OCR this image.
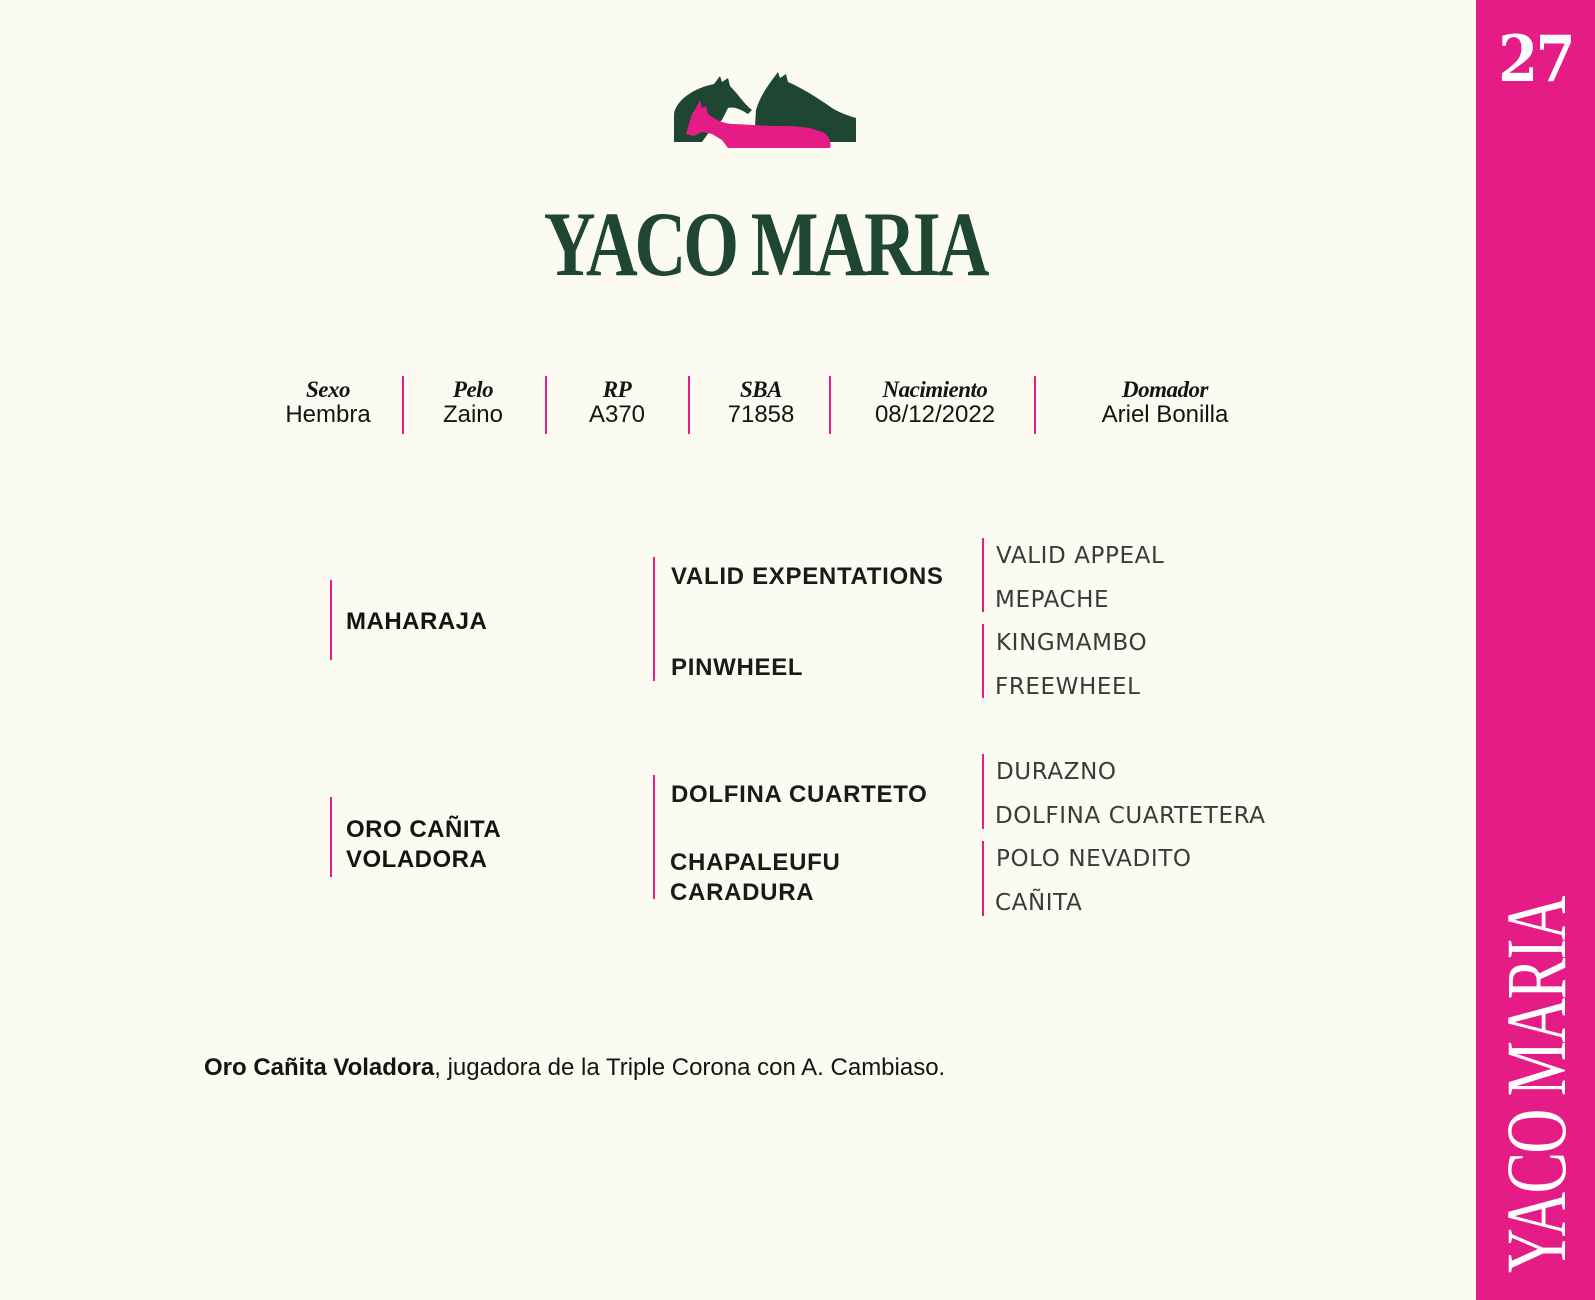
27
YACO MARIA
YACO MARIA
Sexo
Hembra
Pelo
Zaino
RP
A370
SBA
71858
Nacimiento
08/12/2022
Domador
Ariel Bonilla
MAHARAJA
VALID EXPENTATIONS
PINWHEEL
VALID APPEAL
MEPACHE
KINGMAMBO
FREEWHEEL
ORO CAÑITA
VOLADORA
DOLFINA CUARTETO
CHAPALEUFU
CARADURA
DURAZNO
DOLFINA CUARTETERA
POLO NEVADITO
CAÑITA
Oro Cañita Voladora, jugadora de la Triple Corona con A. Cambiaso.
